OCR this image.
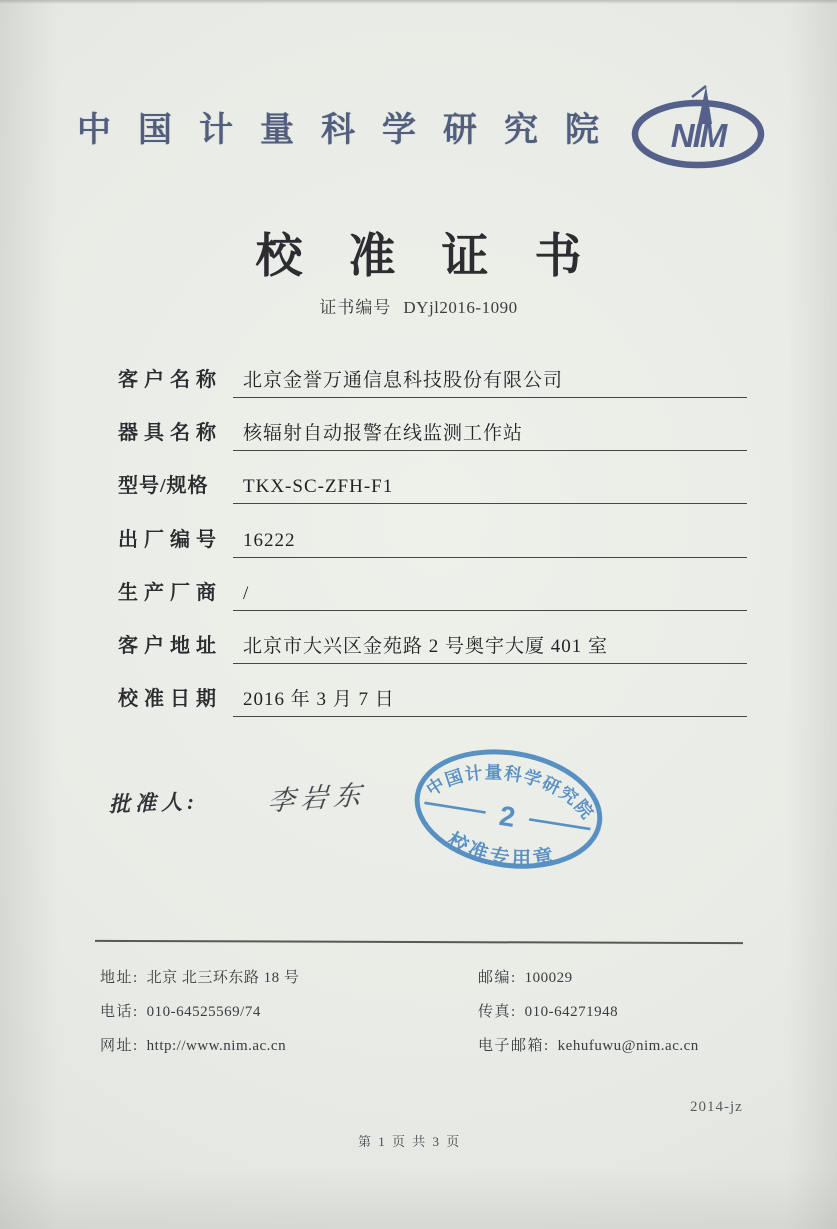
中国计量科学研究院 NIM
校准证书
证书编号 DYjl2016-1090
客户名称	北京金誉万通信息科技股份有限公司
器具名称	核辐射自动报警在线监测工作站
型号/规格	TKX-SC-ZFH-F1
出厂编号	16222
生产厂商	/
客户地址	北京市大兴区金苑路 2 号奥宇大厦 401 室
校准日期	2016 年 3 月 7 日
批准人: 李岩东	中国计量科学研究院
校准专用章
2
地址: 北京 北三环东路 18 号	邮编: 100029
电话: 010-64525569/74	传真: 010-64271948
网址: http://www.nim.ac.cn	电子邮箱: kehufuwu@nim.ac.cn
2014-jz
第 1 页 共 3 页
